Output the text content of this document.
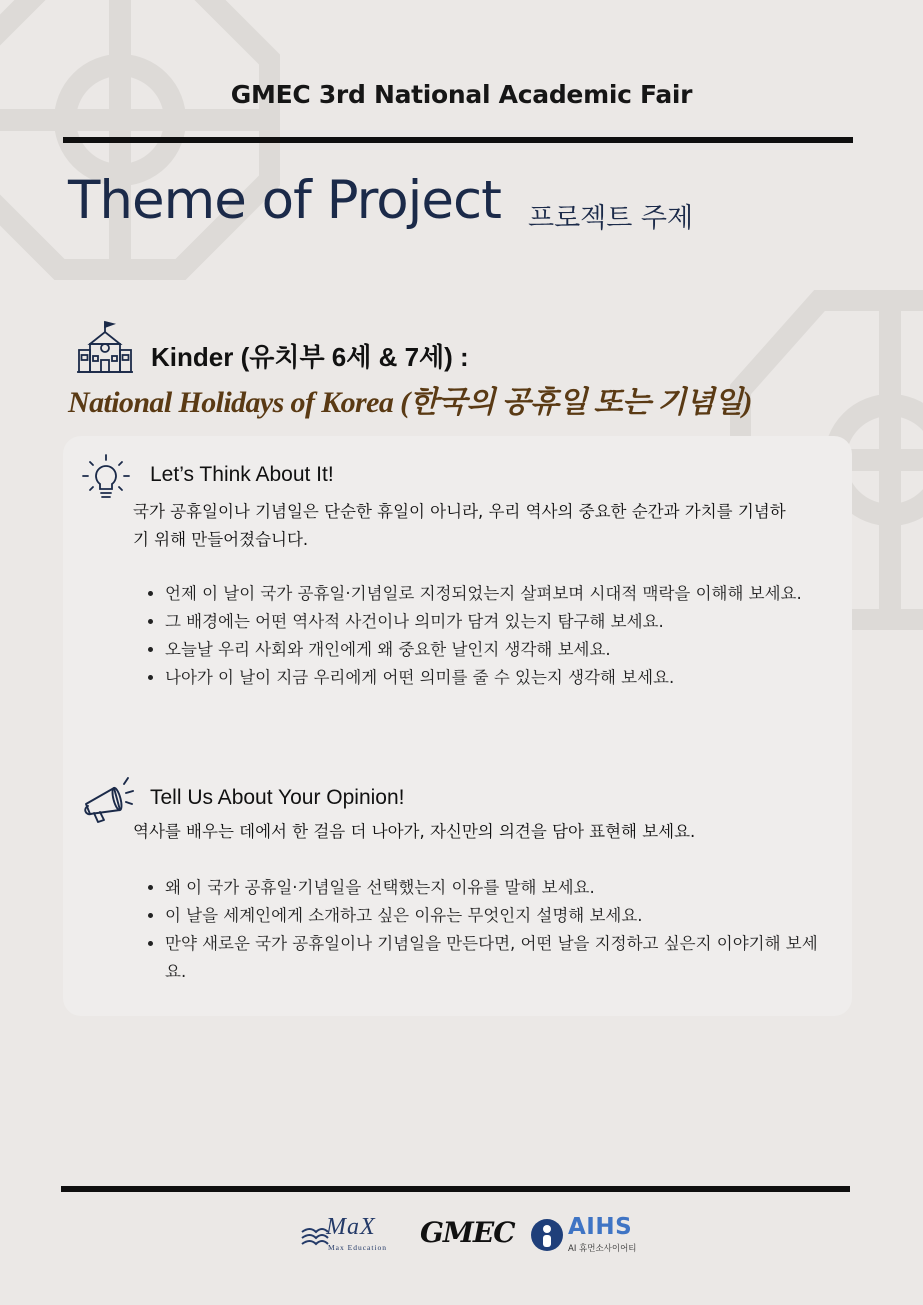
GMEC 3rd National Academic Fair
Theme of Project 프로젝트 주제
Kinder (유치부 6세 & 7세) :
National Holidays of Korea (한국의 공휴일 또는 기념일)
Let’s Think About It!
국가 공휴일이나 기념일은 단순한 휴일이 아니라, 우리 역사의 중요한 순간과 가치를 기념하기 위해 만들어졌습니다.
• 언제 이 날이 국가 공휴일·기념일로 지정되었는지 살펴보며 시대적 맥락을 이해해 보세요.
• 그 배경에는 어떤 역사적 사건이나 의미가 담겨 있는지 탐구해 보세요.
• 오늘날 우리 사회와 개인에게 왜 중요한 날인지 생각해 보세요.
• 나아가 이 날이 지금 우리에게 어떤 의미를 줄 수 있는지 생각해 보세요.
Tell Us About Your Opinion!
역사를 배우는 데에서 한 걸음 더 나아가, 자신만의 의견을 담아 표현해 보세요.
• 왜 이 국가 공휴일·기념일을 선택했는지 이유를 말해 보세요.
• 이 날을 세계인에게 소개하고 싶은 이유는 무엇인지 설명해 보세요.
• 만약 새로운 국가 공휴일이나 기념일을 만든다면, 어떤 날을 지정하고 싶은지 이야기해 보세요.
MaX
Max Education GMEC AIHS
AI 휴먼소사이어티
